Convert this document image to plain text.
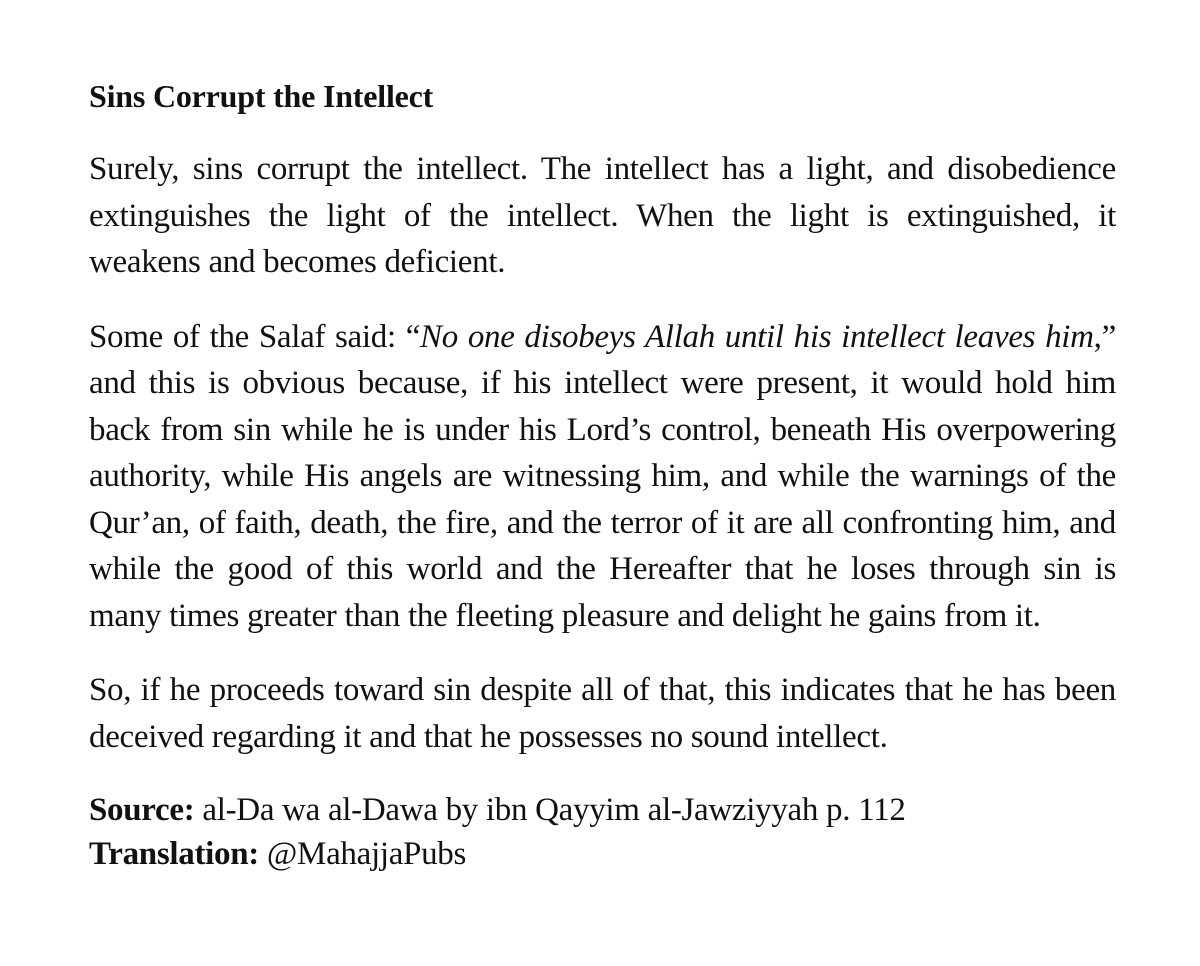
Sins Corrupt the Intellect

Surely, sins corrupt the intellect. The intellect has a light, and disobedience extinguishes the light of the intellect. When the light is extinguished, it weakens and becomes deficient.

Some of the Salaf said: “No one disobeys Allah until his intellect leaves him,” and this is obvious because, if his intellect were present, it would hold him back from sin while he is under his Lord’s control, beneath His overpowering authority, while His angels are witnessing him, and while the warnings of the Qur’an, of faith, death, the fire, and the terror of it are all confronting him, and while the good of this world and the Hereafter that he loses through sin is many times greater than the fleeting pleasure and delight he gains from it.

So, if he proceeds toward sin despite all of that, this indicates that he has been deceived regarding it and that he possesses no sound intellect.

Source: al-Da wa al-Dawa by ibn Qayyim al-Jawziyyah p. 112
Translation: @MahajjaPubs
